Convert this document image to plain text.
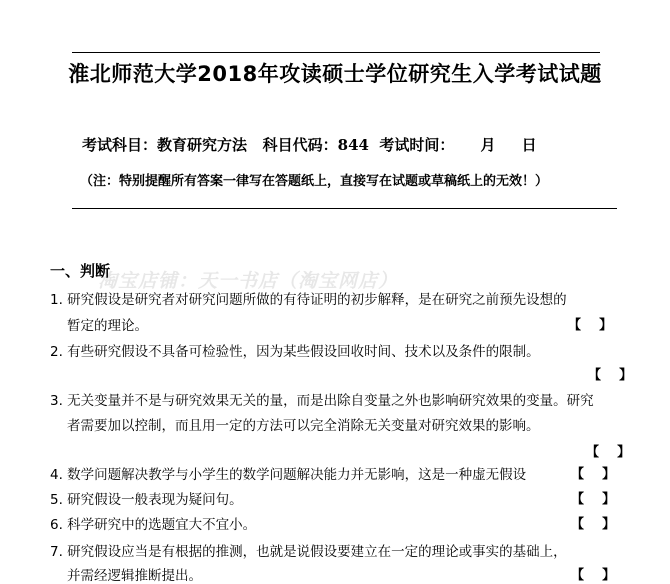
淮北师范大学2018年攻读硕士学位研究生入学考试试题
考试科目：教育研究方法   科目代码：844  考试时间：     月     日
（注：特别提醒所有答案一律写在答题纸上，直接写在试题或草稿纸上的无效！）
一、判断
淘宝店铺：天一书店（淘宝网店）
1. 研究假设是研究者对研究问题所做的有待证明的初步解释，是在研究之前预先设想的
暂定的理论。	【    】
2. 有些研究假设不具备可检验性，因为某些假设回收时间、技术以及条件的限制。
【    】
3. 无关变量并不是与研究效果无关的量，而是出除自变量之外也影响研究效果的变量。研究
者需要加以控制，而且用一定的方法可以完全消除无关变量对研究效果的影响。
【    】
4. 数学问题解决教学与小学生的数学问题解决能力并无影响，这是一种虚无假设	【    】
5. 研究假设一般表现为疑问句。	【    】
6. 科学研究中的选题宜大不宜小。	【    】
7. 研究假设应当是有根据的推测，也就是说假设要建立在一定的理论或事实的基础上，
并需经逻辑推断提出。	【    】
